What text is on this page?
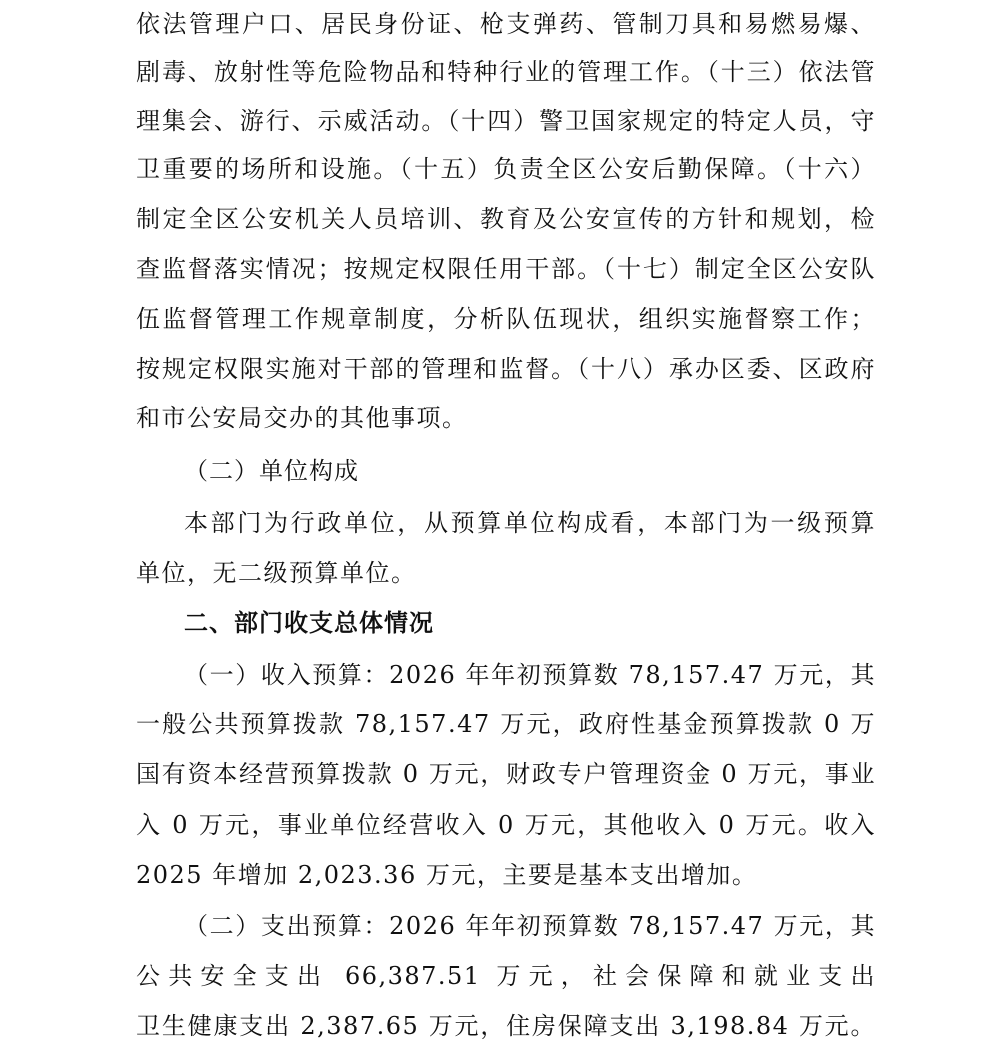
依法管理户口、居民身份证、枪支弹药、管制刀具和易燃易爆、
剧毒、放射性等危险物品和特种行业的管理工作。（十三）依法管
理集会、游行、示威活动。（十四）警卫国家规定的特定人员，守
卫重要的场所和设施。（十五）负责全区公安后勤保障。（十六）
制定全区公安机关人员培训、教育及公安宣传的方针和规划，检
查监督落实情况；按规定权限任用干部。（十七）制定全区公安队
伍监督管理工作规章制度，分析队伍现状，组织实施督察工作；
按规定权限实施对干部的管理和监督。（十八）承办区委、区政府
和市公安局交办的其他事项。
（二）单位构成
本部门为行政单位，从预算单位构成看，本部门为一级预算
单位，无二级预算单位。
二、部门收支总体情况
（一）收入预算：2026 年年初预算数 78,157.47 万元，其
一般公共预算拨款 78,157.47 万元，政府性基金预算拨款 0 万
国有资本经营预算拨款 0 万元，财政专户管理资金 0 万元，事业
入 0 万元，事业单位经营收入 0 万元，其他收入 0 万元。收入
2025 年增加 2,023.36 万元，主要是基本支出增加。
（二）支出预算：2026 年年初预算数 78,157.47 万元，其
公共安全支出 66,387.51 万元，社会保障和就业支出
卫生健康支出 2,387.65 万元，住房保障支出 3,198.84 万元。
